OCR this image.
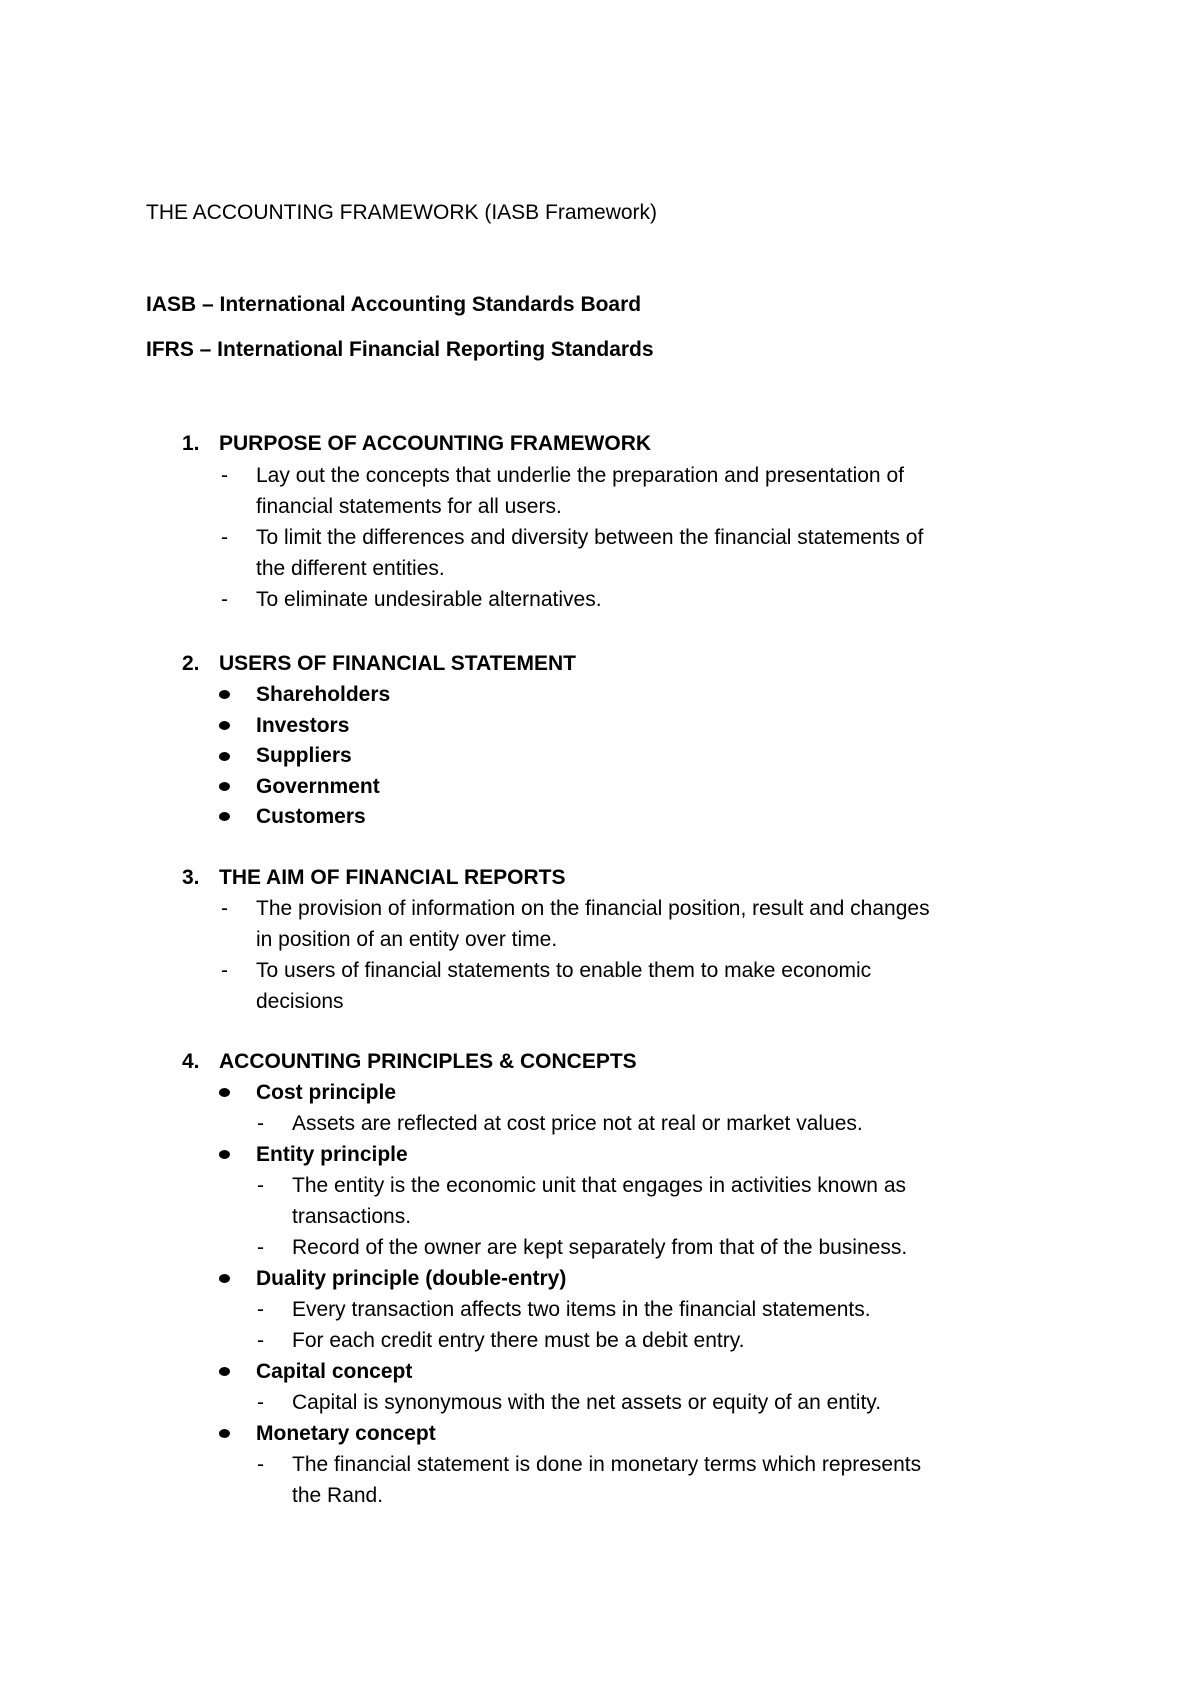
THE ACCOUNTING FRAMEWORK (IASB Framework)
IASB – International Accounting Standards Board
IFRS – International Financial Reporting Standards
1. PURPOSE OF ACCOUNTING FRAMEWORK
- Lay out the concepts that underlie the preparation and presentation of
financial statements for all users.
- To limit the differences and diversity between the financial statements of
the different entities.
- To eliminate undesirable alternatives.
2. USERS OF FINANCIAL STATEMENT
Shareholders
Investors
Suppliers
Government
Customers
3. THE AIM OF FINANCIAL REPORTS
- The provision of information on the financial position, result and changes
in position of an entity over time.
- To users of financial statements to enable them to make economic
decisions
4. ACCOUNTING PRINCIPLES & CONCEPTS
Cost principle
- Assets are reflected at cost price not at real or market values.
Entity principle
- The entity is the economic unit that engages in activities known as
transactions.
- Record of the owner are kept separately from that of the business.
Duality principle (double-entry)
- Every transaction affects two items in the financial statements.
- For each credit entry there must be a debit entry.
Capital concept
- Capital is synonymous with the net assets or equity of an entity.
Monetary concept
- The financial statement is done in monetary terms which represents
the Rand.
